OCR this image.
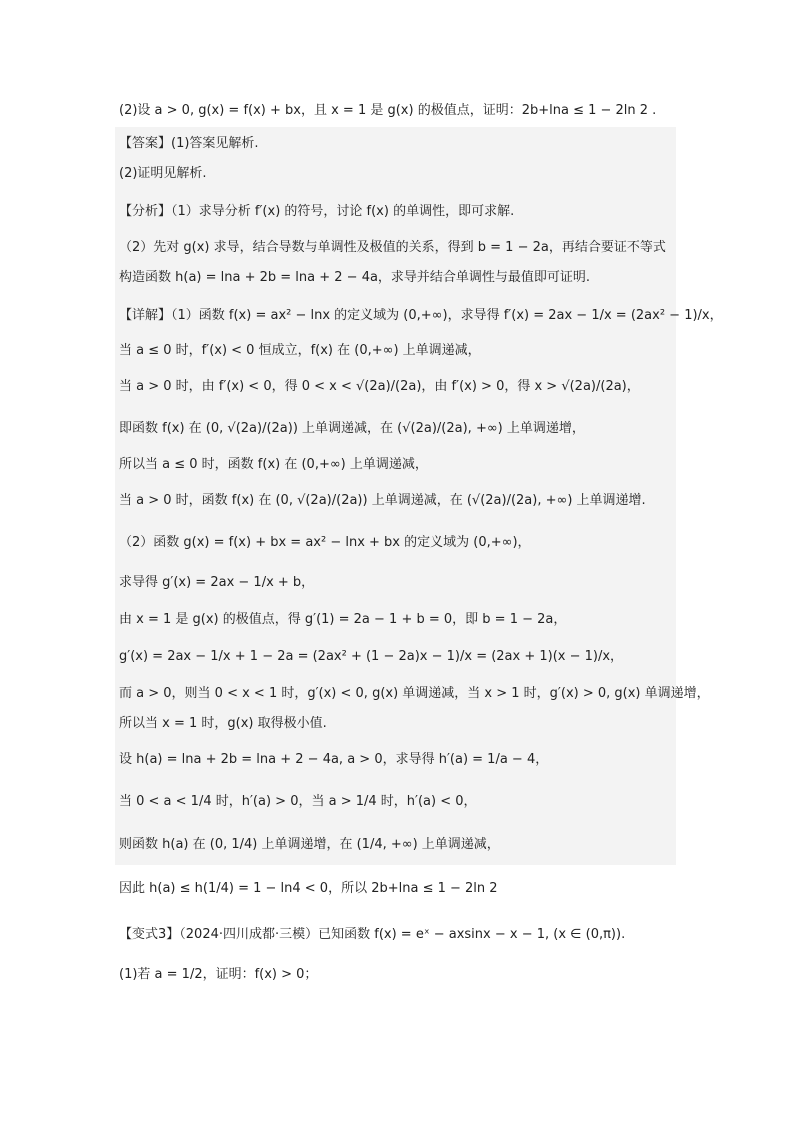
(2)设 a > 0, g(x) = f(x) + bx，且 x = 1 是 g(x) 的极值点，证明：2b+lna ≤ 1 − 2ln 2 .
【答案】(1)答案见解析.
(2)证明见解析.
【分析】（1）求导分析 f′(x) 的符号，讨论 f(x) 的单调性，即可求解.
（2）先对 g(x) 求导，结合导数与单调性及极值的关系，得到 b = 1 − 2a，再结合要证不等式
构造函数 h(a) = lna + 2b = lna + 2 − 4a，求导并结合单调性与最值即可证明.
【详解】（1）函数 f(x) = ax² − lnx 的定义域为 (0,+∞)，求导得 f′(x) = 2ax − 1/x = (2ax² − 1)/x，
当 a ≤ 0 时，f′(x) < 0 恒成立，f(x) 在 (0,+∞) 上单调递减，
当 a > 0 时，由 f′(x) < 0，得 0 < x < √(2a)/(2a)，由 f′(x) > 0，得 x > √(2a)/(2a)，
即函数 f(x) 在 (0, √(2a)/(2a)) 上单调递减，在 (√(2a)/(2a), +∞) 上单调递增，
所以当 a ≤ 0 时，函数 f(x) 在 (0,+∞) 上单调递减，
当 a > 0 时，函数 f(x) 在 (0, √(2a)/(2a)) 上单调递减，在 (√(2a)/(2a), +∞) 上单调递增.
（2）函数 g(x) = f(x) + bx = ax² − lnx + bx 的定义域为 (0,+∞)，
求导得 g′(x) = 2ax − 1/x + b，
由 x = 1 是 g(x) 的极值点，得 g′(1) = 2a − 1 + b = 0，即 b = 1 − 2a，
g′(x) = 2ax − 1/x + 1 − 2a = (2ax² + (1 − 2a)x − 1)/x = (2ax + 1)(x − 1)/x，
而 a > 0，则当 0 < x < 1 时，g′(x) < 0, g(x) 单调递减，当 x > 1 时，g′(x) > 0, g(x) 单调递增，
所以当 x = 1 时，g(x) 取得极小值.
设 h(a) = lna + 2b = lna + 2 − 4a, a > 0，求导得 h′(a) = 1/a − 4，
当 0 < a < 1/4 时，h′(a) > 0，当 a > 1/4 时，h′(a) < 0，
则函数 h(a) 在 (0, 1/4) 上单调递增，在 (1/4, +∞) 上单调递减，
因此 h(a) ≤ h(1/4) = 1 − ln4 < 0，所以 2b+lna ≤ 1 − 2ln 2
【变式3】（2024·四川成都·三模）已知函数 f(x) = eˣ − axsinx − x − 1, (x ∈ (0,π)).
(1)若 a = 1/2，证明：f(x) > 0；
